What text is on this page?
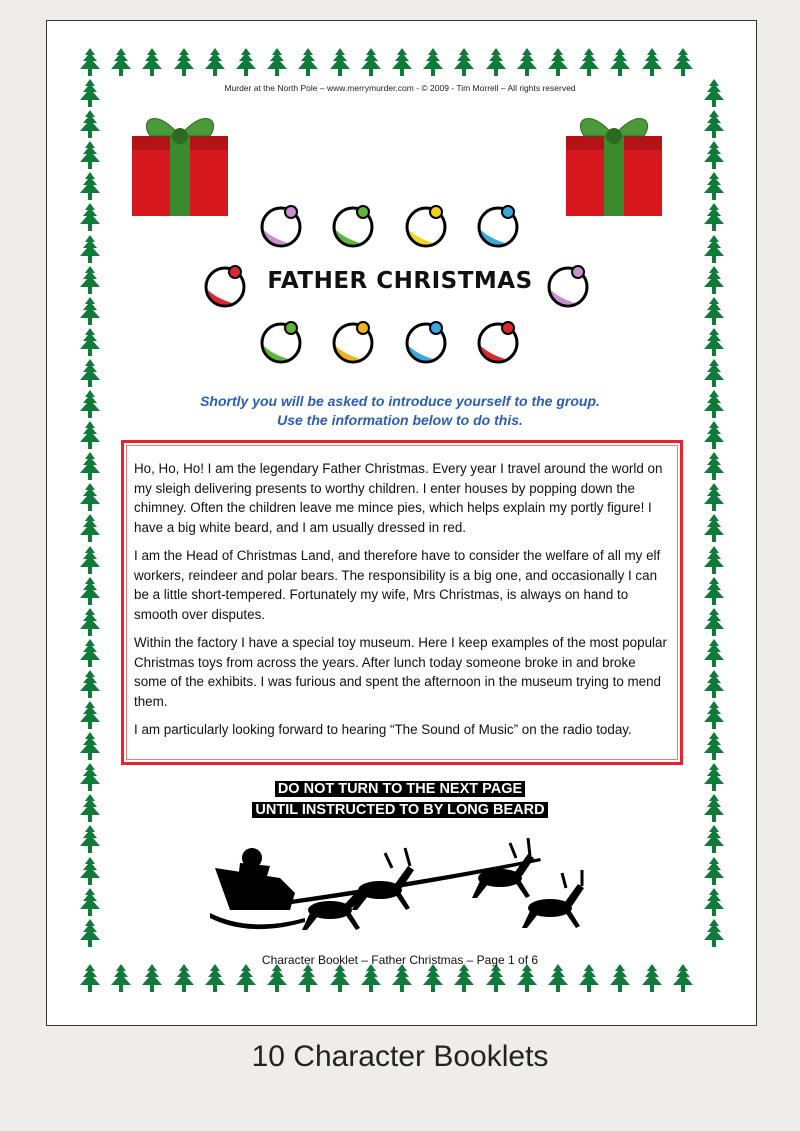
Murder at the North Pole – www.merrymurder.com - © 2009 - Tim Morrell – All rights reserved
FATHER CHRISTMAS
Shortly you will be asked to introduce yourself to the group.
Use the information below to do this.

Ho, Ho, Ho! I am the legendary Father Christmas. Every year I travel around the world on my sleigh delivering presents to worthy children. I enter houses by popping down the chimney. Often the children leave me mince pies, which helps explain my portly figure! I have a big white beard, and I am usually dressed in red.

I am the Head of Christmas Land, and therefore have to consider the welfare of all my elf workers, reindeer and polar bears. The responsibility is a big one, and occasionally I can be a little short-tempered. Fortunately my wife, Mrs Christmas, is always on hand to smooth over disputes.

Within the factory I have a special toy museum. Here I keep examples of the most popular Christmas toys from across the years. After lunch today someone broke in and broke some of the exhibits. I was furious and spent the afternoon in the museum trying to mend them.

I am particularly looking forward to hearing “The Sound of Music” on the radio today.

DO NOT TURN TO THE NEXT PAGE
UNTIL INSTRUCTED TO BY LONG BEARD
Character Booklet – Father Christmas – Page 1 of 6
10 Character Booklets
